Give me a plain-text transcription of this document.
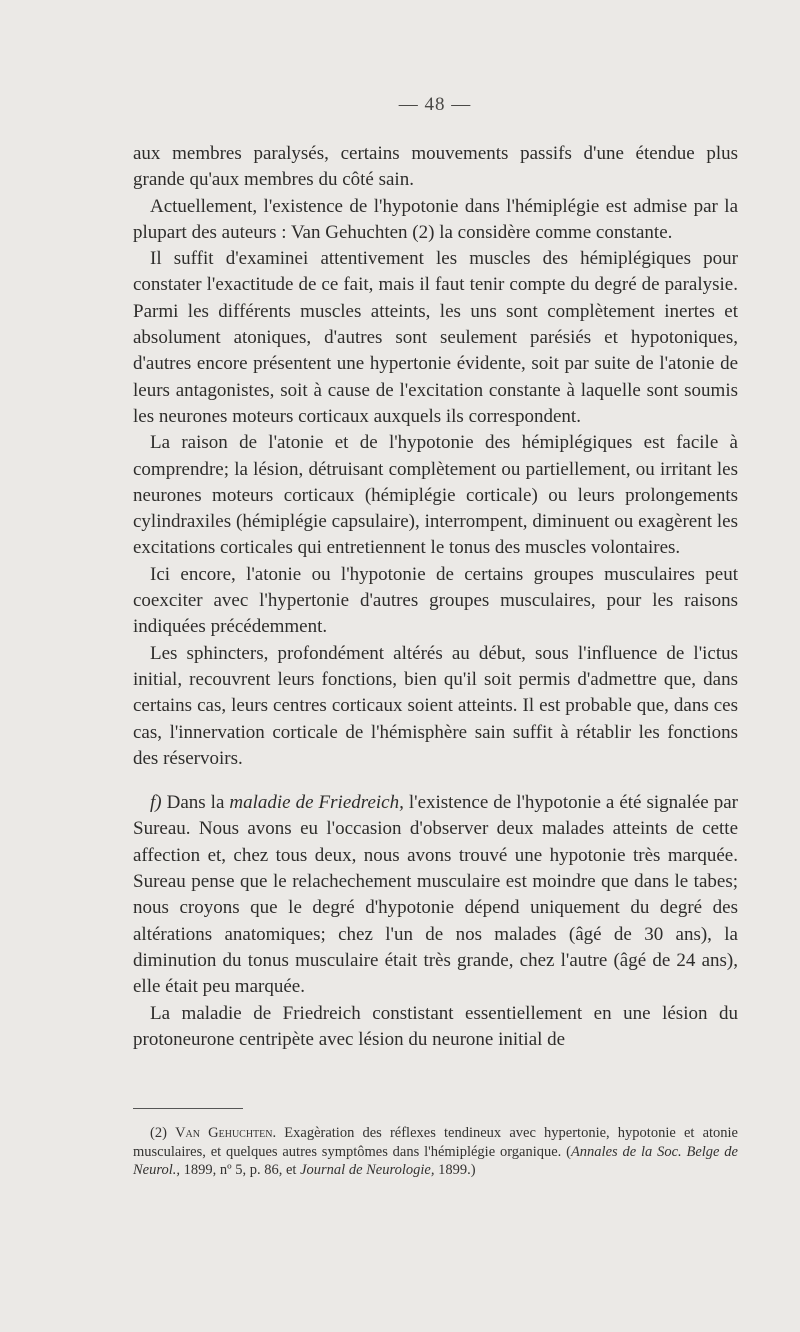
— 48 —

aux membres paralysés, certains mouvements passifs d'une étendue plus grande qu'aux membres du côté sain.

Actuellement, l'existence de l'hypotonie dans l'hémiplégie est admise par la plupart des auteurs : Van Gehuchten (2) la considère comme constante.

Il suffit d'examinei attentivement les muscles des hémiplégiques pour constater l'exactitude de ce fait, mais il faut tenir compte du degré de paralysie. Parmi les différents muscles atteints, les uns sont complètement inertes et absolument atoniques, d'autres sont seulement parésiés et hypotoniques, d'autres encore présentent une hypertonie évidente, soit par suite de l'atonie de leurs antagonistes, soit à cause de l'excitation constante à laquelle sont soumis les neurones moteurs corticaux auxquels ils correspondent.

La raison de l'atonie et de l'hypotonie des hémiplégiques est facile à comprendre; la lésion, détruisant complètement ou partiellement, ou irritant les neurones moteurs corticaux (hémiplégie corticale) ou leurs prolongements cylindraxiles (hémiplégie capsulaire), interrompent, diminuent ou exagèrent les excitations corticales qui entretiennent le tonus des muscles volontaires.

Ici encore, l'atonie ou l'hypotonie de certains groupes musculaires peut coexciter avec l'hypertonie d'autres groupes musculaires, pour les raisons indiquées précédemment.

Les sphincters, profondément altérés au début, sous l'influence de l'ictus initial, recouvrent leurs fonctions, bien qu'il soit permis d'admettre que, dans certains cas, leurs centres corticaux soient atteints. Il est probable que, dans ces cas, l'innervation corticale de l'hémisphère sain suffit à rétablir les fonctions des réservoirs.

f) Dans la maladie de Friedreich, l'existence de l'hypotonie a été signalée par Sureau. Nous avons eu l'occasion d'observer deux malades atteints de cette affection et, chez tous deux, nous avons trouvé une hypotonie très marquée. Sureau pense que le relachechement musculaire est moindre que dans le tabes; nous croyons que le degré d'hypotonie dépend uniquement du degré des altérations anatomiques; chez l'un de nos malades (âgé de 30 ans), la diminution du tonus musculaire était très grande, chez l'autre (âgé de 24 ans), elle était peu marquée.

La maladie de Friedreich constistant essentiellement en une lésion du protoneurone centripète avec lésion du neurone initial de

(2) Van Gehuchten. Exagèration des réflexes tendineux avec hypertonie, hypotonie et atonie musculaires, et quelques autres symptômes dans l'hémiplégie organique. (Annales de la Soc. Belge de Neurol., 1899, nº 5, p. 86, et Journal de Neurologie, 1899.)
